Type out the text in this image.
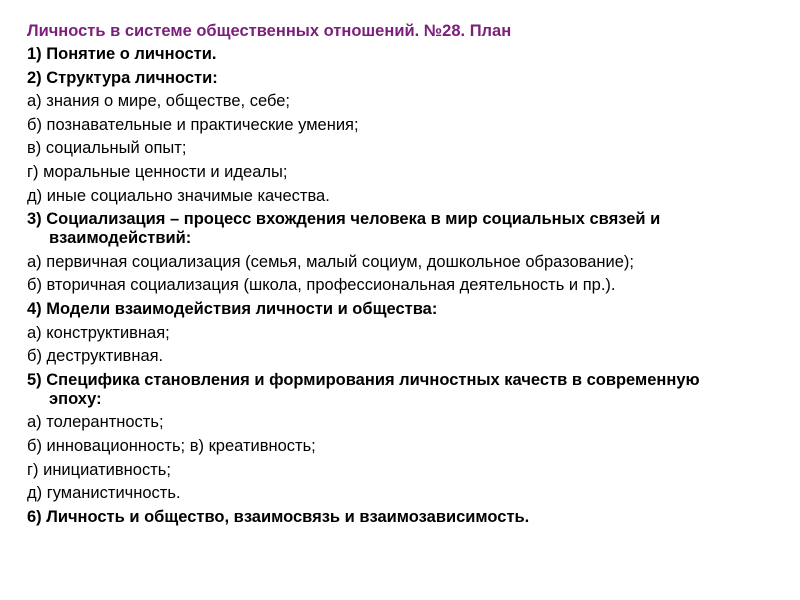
Личность в системе общественных отношений. №28. План
1) Понятие о личности.
2) Структура личности:
а) знания о мире, обществе, себе;
б) познавательные и практические умения;
в) социальный опыт;
г) моральные ценности и идеалы;
д) иные социально значимые качества.
3) Социализация – процесс вхождения человека в мир социальных связей и взаимодействий:
а) первичная социализация (семья, малый социум, дошкольное образование);
б) вторичная социализация (школа, профессиональная деятельность и пр.).
4) Модели взаимодействия личности и общества:
а) конструктивная;
б) деструктивная.
5) Специфика становления и формирования личностных качеств в современную эпоху:
а) толерантность;
б) инновационность; в) креативность;
г) инициативность;
д) гуманистичность.
6) Личность и общество, взаимосвязь и взаимозависимость.
